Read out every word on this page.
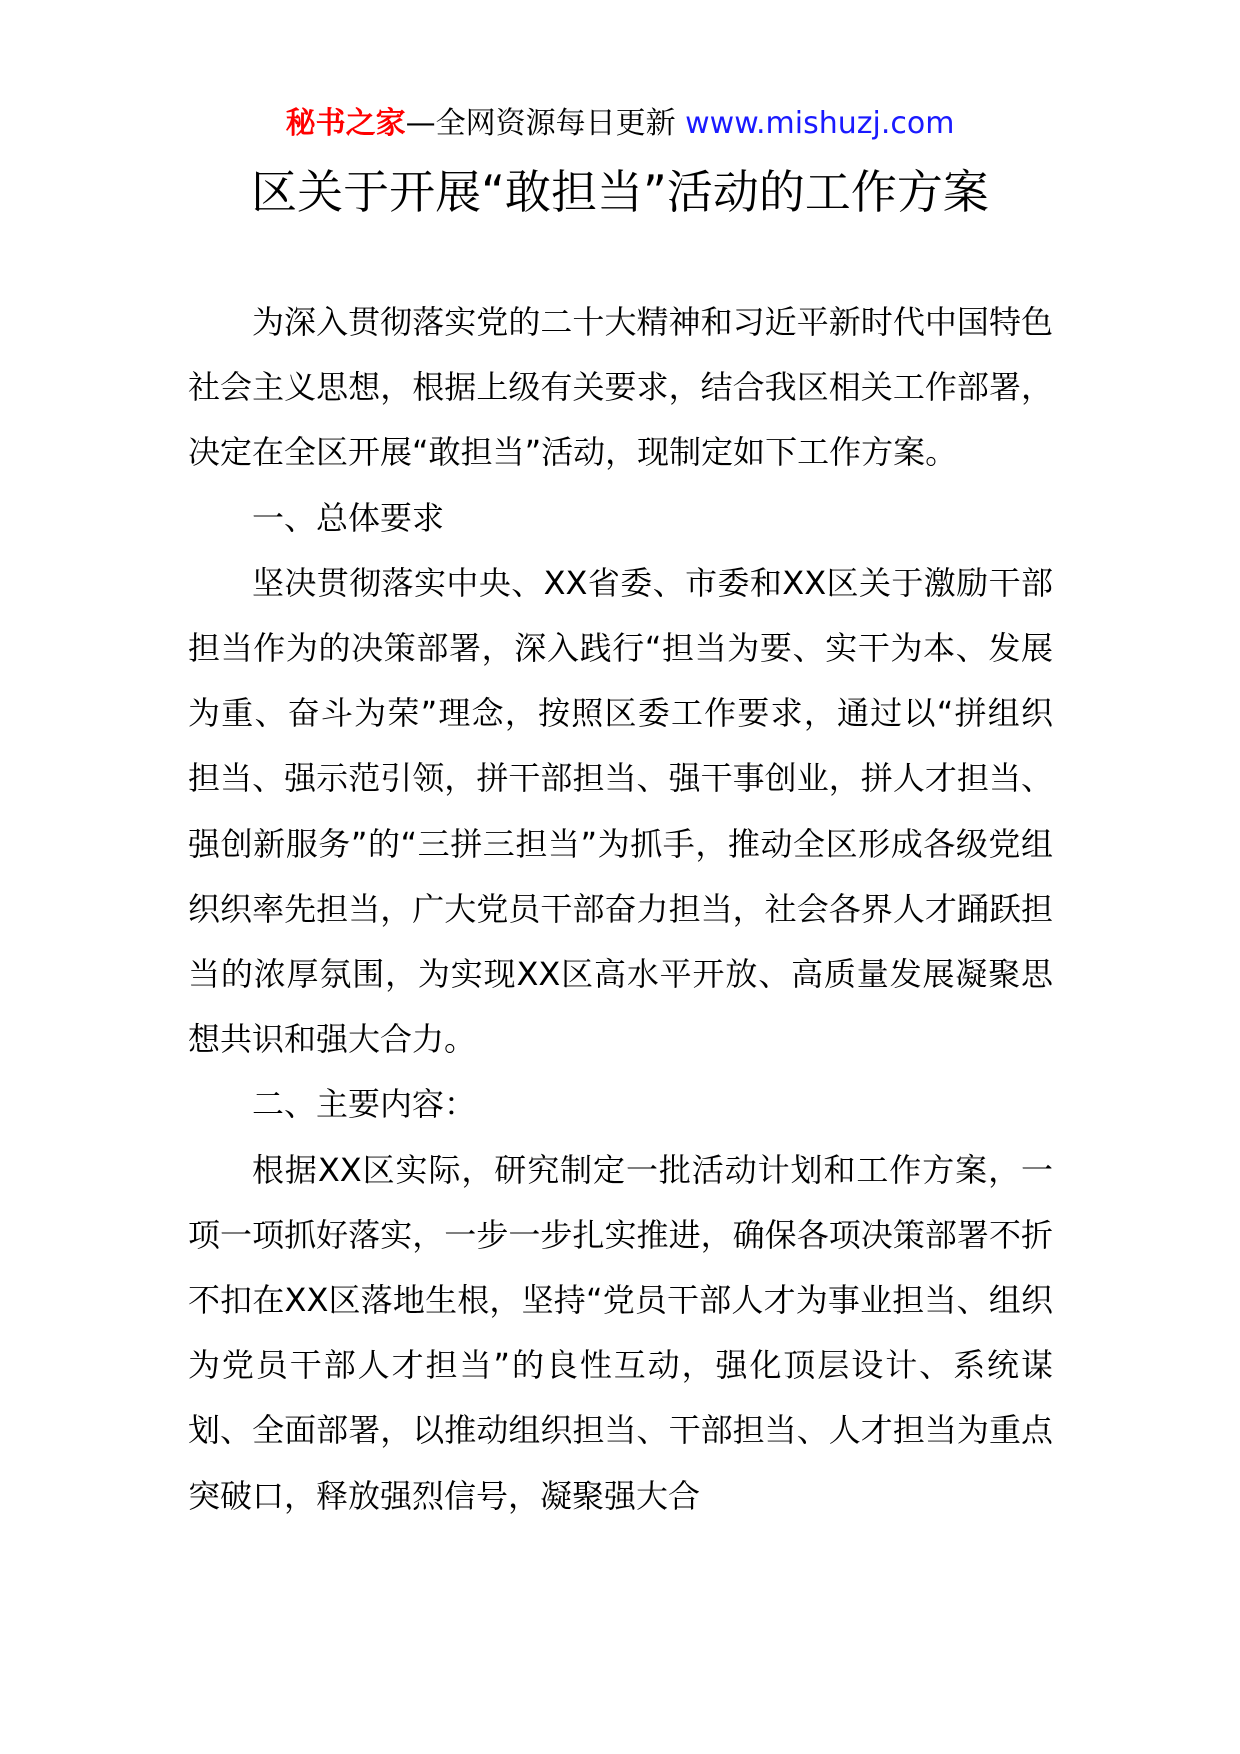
秘书之家—全网资源每日更新 www.mishuzj.com
区关于开展“敢担当”活动的工作方案

为深入贯彻落实党的二十大精神和习近平新时代中国特色社会主义思想，根据上级有关要求，结合我区相关工作部署，决定在全区开展“敢担当”活动，现制定如下工作方案。

一、总体要求

坚决贯彻落实中央、XX省委、市委和XX区关于激励干部担当作为的决策部署，深入践行“担当为要、实干为本、发展为重、奋斗为荣”理念，按照区委工作要求，通过以“拼组织担当、强示范引领，拼干部担当、强干事创业，拼人才担当、强创新服务”的“三拼三担当”为抓手，推动全区形成各级党组织织率先担当，广大党员干部奋力担当，社会各界人才踊跃担当的浓厚氛围，为实现XX区高水平开放、高质量发展凝聚思想共识和强大合力。

二、主要内容：

根据XX区实际，研究制定一批活动计划和工作方案，一项一项抓好落实，一步一步扎实推进，确保各项决策部署不折不扣在XX区落地生根，坚持“党员干部人才为事业担当、组织为党员干部人才担当”的良性互动，强化顶层设计、系统谋划、全面部署，以推动组织担当、干部担当、人才担当为重点突破口，释放强烈信号，凝聚强大合
